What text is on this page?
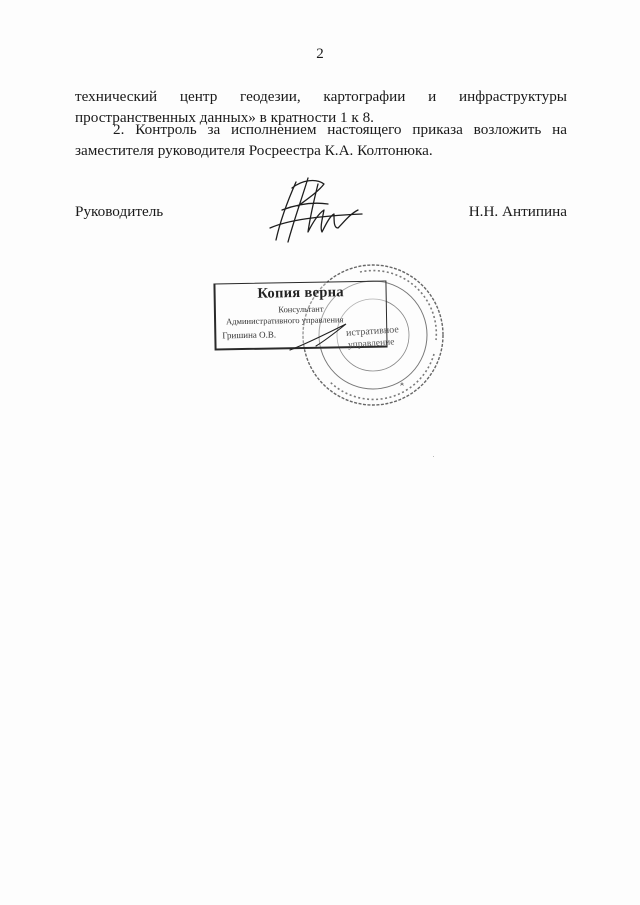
2
технический центр геодезии, картографии и инфраструктуры
пространственных данных» в кратности 1 к 8.
2. Контроль за исполнением настоящего приказа возложить на
заместителя руководителя Росреестра К.А. Колтонюка.
Руководитель	Н.Н. Антипина
Копия верна
Консультант
Административного управления
Гришина О.В.	истративное
управление
